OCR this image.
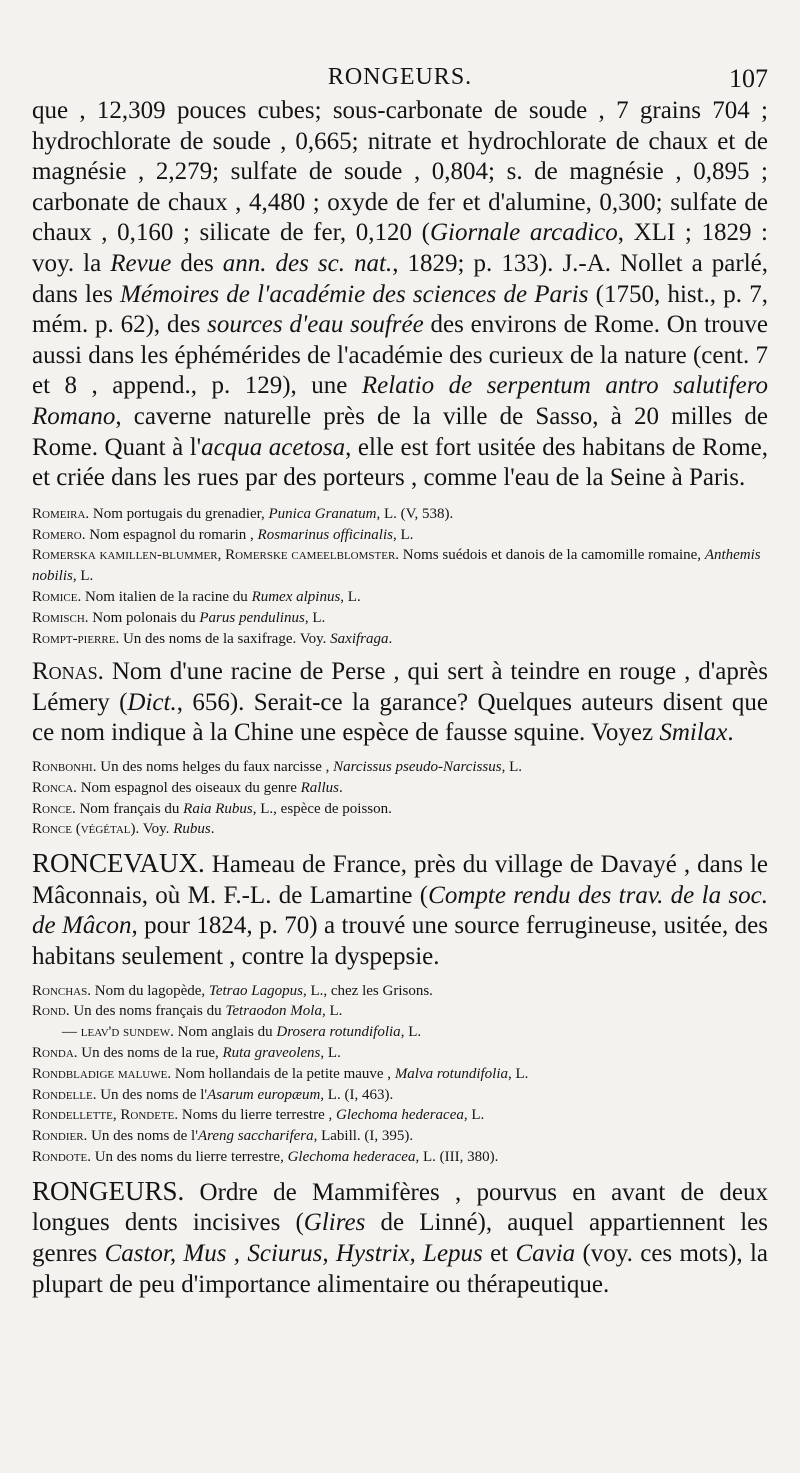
RONGEURS.	107

que , 12,309 pouces cubes; sous-carbonate de soude , 7 grains 704 ; hydrochlorate de soude , 0,665; nitrate et hydrochlorate de chaux et de magnésie , 2,279; sulfate de soude , 0,804; s. de magnésie , 0,895 ; carbonate de chaux , 4,480 ; oxyde de fer et d'alumine, 0,300; sulfate de chaux , 0,160 ; silicate de fer, 0,120 (Giornale arcadico, XLI ; 1829 : voy. la Revue des ann. des sc. nat., 1829; p. 133). J.-A. Nollet a parlé, dans les Mémoires de l'académie des sciences de Paris (1750, hist., p. 7, mém. p. 62), des sources d'eau soufrée des environs de Rome. On trouve aussi dans les éphémérides de l'académie des curieux de la nature (cent. 7 et 8 , append., p. 129), une Relatio de serpentum antro salutifero Romano, caverne naturelle près de la ville de Sasso, à 20 milles de Rome. Quant à l'acqua acetosa, elle est fort usitée des habitans de Rome, et criée dans les rues par des porteurs , comme l'eau de la Seine à Paris.

Romeira. Nom portugais du grenadier, Punica Granatum, L. (V, 538).

Romero. Nom espagnol du romarin , Rosmarinus officinalis, L.

Romerska kamillen-blummer, Romerske cameelblomster. Noms suédois et danois de la camomille romaine, Anthemis nobilis, L.

Romice. Nom italien de la racine du Rumex alpinus, L.

Romisch. Nom polonais du Parus pendulinus, L.

Rompt-pierre. Un des noms de la saxifrage. Voy. Saxifraga.

Ronas. Nom d'une racine de Perse , qui sert à teindre en rouge , d'après Lémery (Dict., 656). Serait-ce la garance? Quelques auteurs disent que ce nom indique à la Chine une espèce de fausse squine. Voyez Smilax.

Ronbonhi. Un des noms helges du faux narcisse , Narcissus pseudo-Narcissus, L.

Ronca. Nom espagnol des oiseaux du genre Rallus.

Ronce. Nom français du Raia Rubus, L., espèce de poisson.

Ronce (végétal). Voy. Rubus.

RONCEVAUX. Hameau de France, près du village de Davayé , dans le Mâconnais, où M. F.-L. de Lamartine (Compte rendu des trav. de la soc. de Mâcon, pour 1824, p. 70) a trouvé une source ferrugineuse, usitée, des habitans seulement , contre la dyspepsie.

Ronchas. Nom du lagopède, Tetrao Lagopus, L., chez les Grisons.

Rond. Un des noms français du Tetraodon Mola, L.

— leav'd sundew. Nom anglais du Drosera rotundifolia, L.

Ronda. Un des noms de la rue, Ruta graveolens, L.

Rondbladige maluwe. Nom hollandais de la petite mauve , Malva rotundifolia, L.

Rondelle. Un des noms de l'Asarum europæum, L. (I, 463).

Rondellette, Rondete. Noms du lierre terrestre , Glechoma hederacea, L.

Rondier. Un des noms de l'Areng saccharifera, Labill. (I, 395).

Rondote. Un des noms du lierre terrestre, Glechoma hederacea, L. (III, 380).

RONGEURS. Ordre de Mammifères , pourvus en avant de deux longues dents incisives (Glires de Linné), auquel appartiennent les genres Castor, Mus , Sciurus, Hystrix, Lepus et Cavia (voy. ces mots), la plupart de peu d'importance alimentaire ou thérapeutique.
